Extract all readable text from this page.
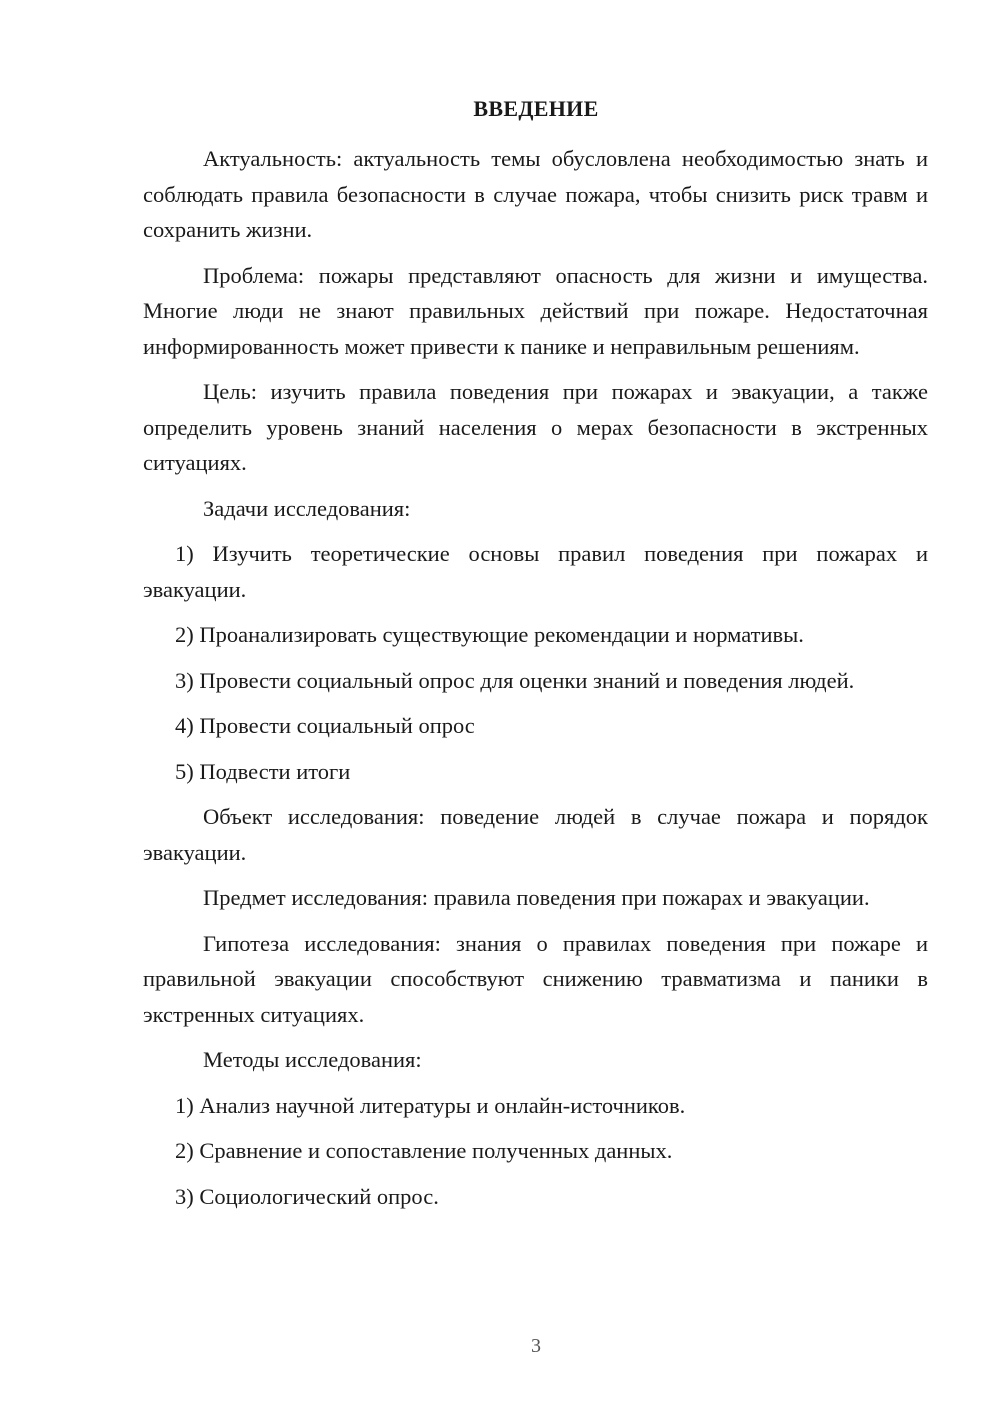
ВВЕДЕНИЕ

Актуальность: актуальность темы обусловлена необходимостью знать и соблюдать правила безопасности в случае пожара, чтобы снизить риск травм и сохранить жизни.

Проблема: пожары представляют опасность для жизни и имущества. Многие люди не знают правильных действий при пожаре. Недостаточная информированность может привести к панике и неправильным решениям.

Цель: изучить правила поведения при пожарах и эвакуации, а также определить уровень знаний населения о мерах безопасности в экстренных ситуациях.

Задачи исследования:

1) Изучить теоретические основы правил поведения при пожарах и эвакуации.

2) Проанализировать существующие рекомендации и нормативы.

3) Провести социальный опрос для оценки знаний и поведения людей.

4) Провести социальный опрос

5) Подвести итоги

Объект исследования: поведение людей в случае пожара и порядок эвакуации.

Предмет исследования: правила поведения при пожарах и эвакуации.

Гипотеза исследования: знания о правилах поведения при пожаре и правильной эвакуации способствуют снижению травматизма и паники в экстренных ситуациях.

Методы исследования:

1) Анализ научной литературы и онлайн-источников.

2) Сравнение и сопоставление полученных данных.

3) Социологический опрос.

3
